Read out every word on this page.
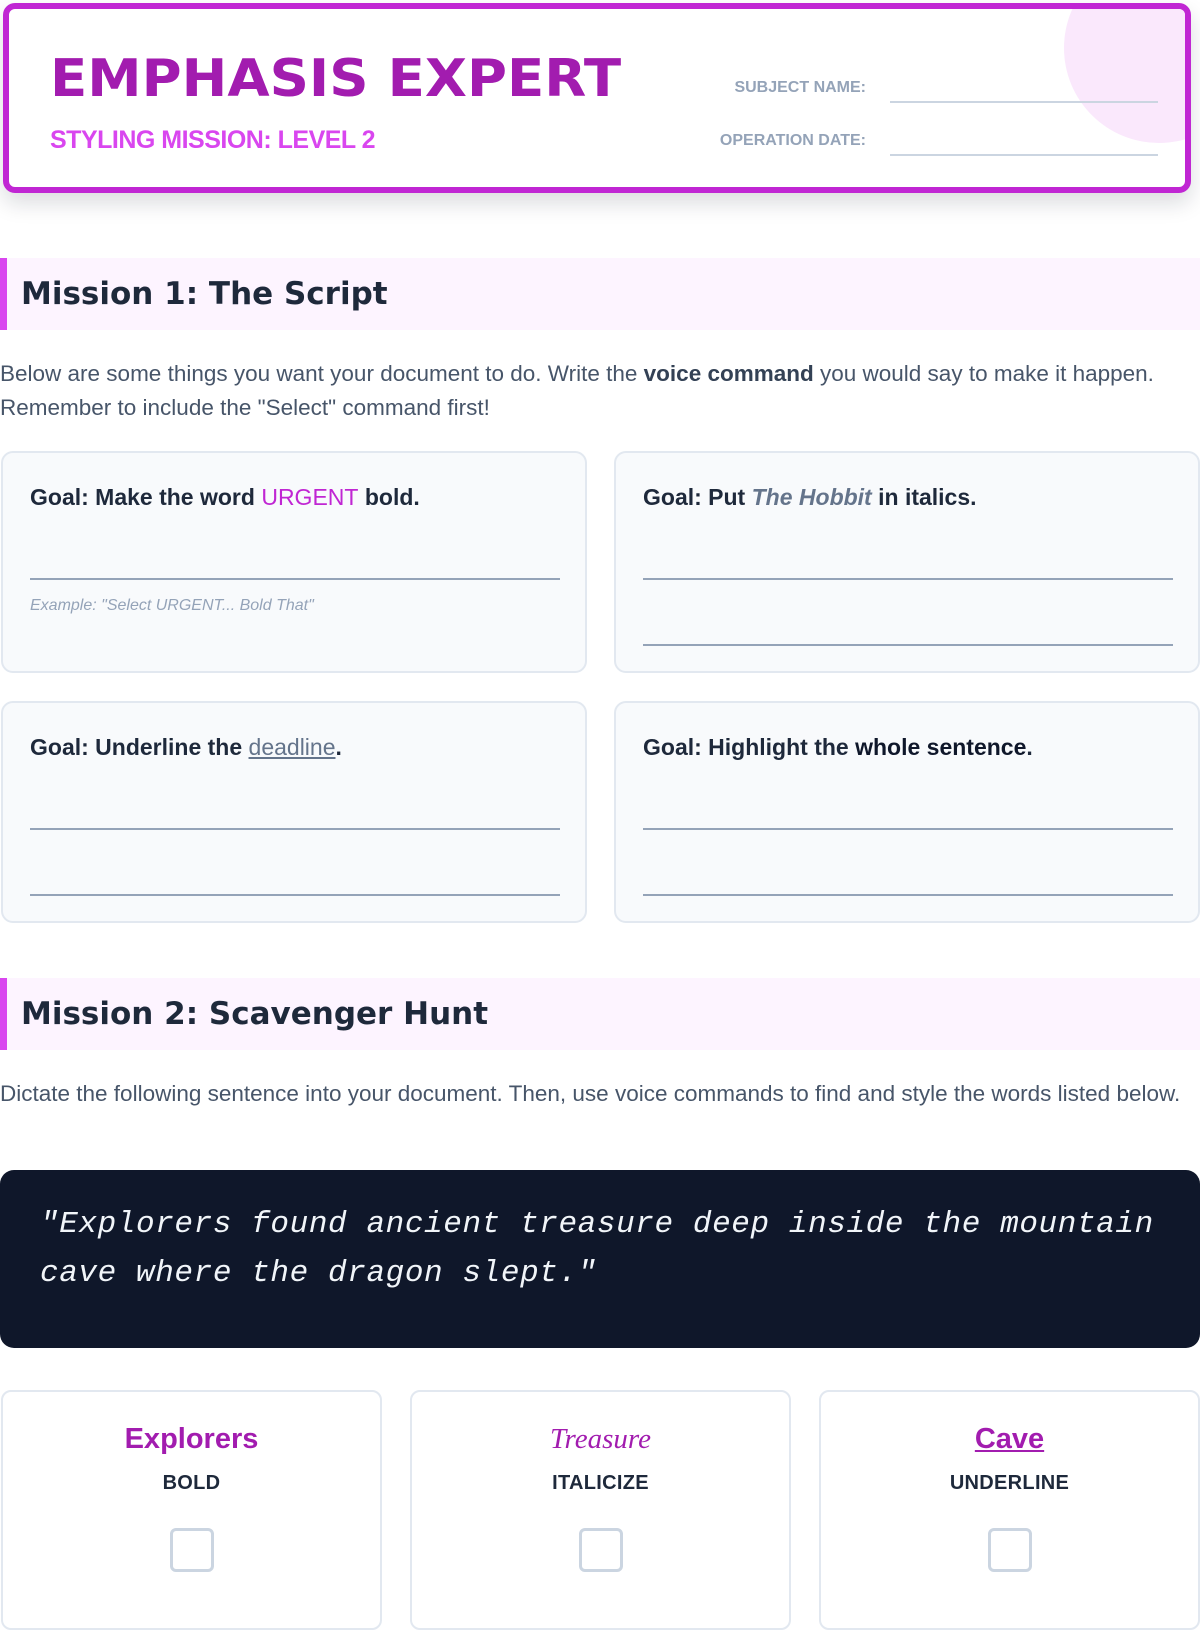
EMPHASIS EXPERT
STYLING MISSION: LEVEL 2
SUBJECT NAME:
OPERATION DATE:
Mission 1: The Script

Below are some things you want your document to do. Write the voice command you would say to make it happen. Remember to include the "Select" command first!

Goal: Make the word URGENT bold.
Example: "Select URGENT... Bold That"
Goal: Put The Hobbit in italics.
Goal: Underline the deadline.	Goal: Highlight the whole sentence.
Mission 2: Scavenger Hunt

Dictate the following sentence into your document. Then, use voice commands to find and style the words listed below.

"Explorers found ancient treasure deep inside the mountain cave where the dragon slept."

Explorers
BOLD
Treasure
ITALICIZE
Cave
UNDERLINE
